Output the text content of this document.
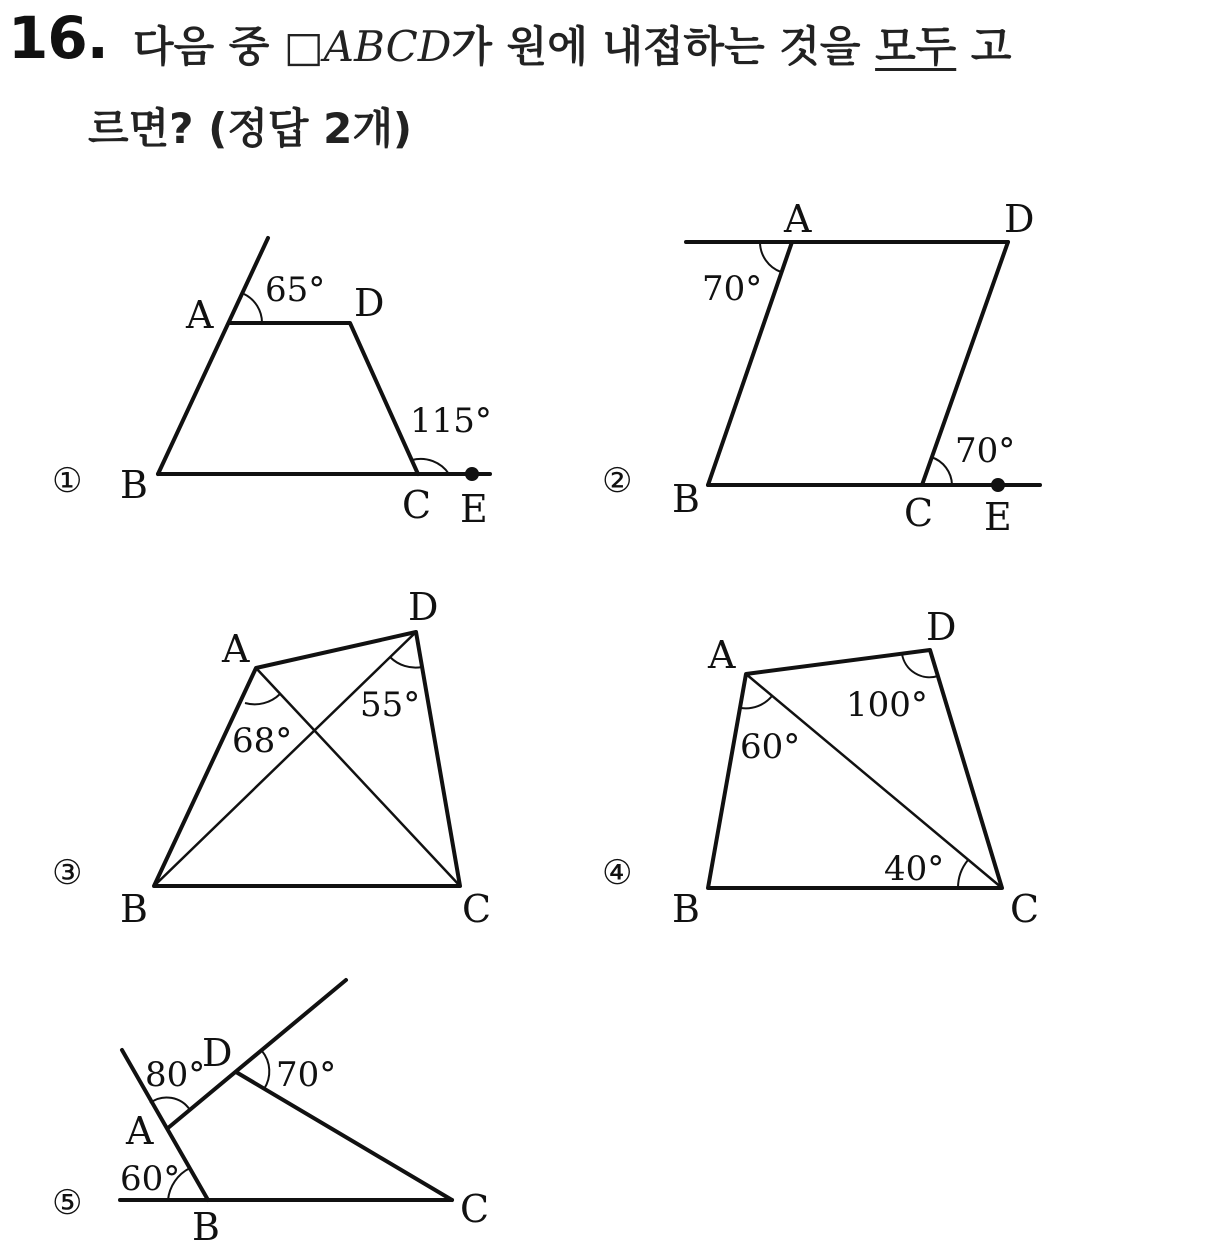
16. 다음 중 □ABCD가 원에 내접하는 것을 모두 고
르면? (정답 2개)
①
A	D
B	C E
65°
115°
②
A	D
B	C E
70°
70°
③
A
D
B	C
68°
55°
④
A
D
B	C
60°
100°
40°
⑤
A
D
B	C
80° 70°
60°
